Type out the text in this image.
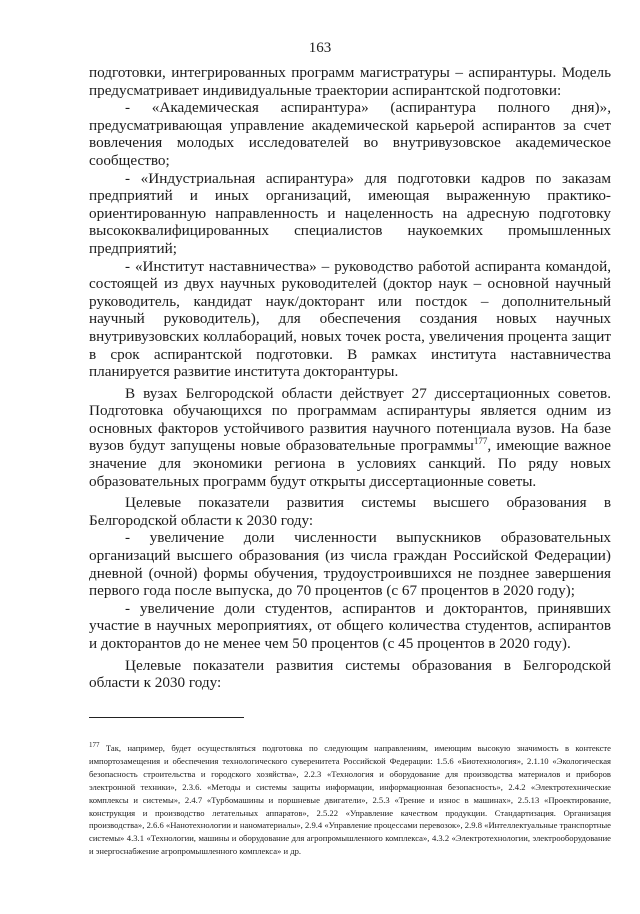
163

подготовки, интегрированных программ магистратуры – аспирантуры. Модель предусматривает индивидуальные траектории аспирантской подготовки:

- «Академическая аспирантура» (аспирантура полного дня)», предусматривающая управление академической карьерой аспирантов за счет вовлечения молодых исследователей во внутривузовское академическое сообщество;

- «Индустриальная аспирантура» для подготовки кадров по заказам предприятий и иных организаций, имеющая выраженную практико-ориентированную направленность и нацеленность на адресную подготовку высококвалифицированных специалистов наукоемких промышленных предприятий;

- «Институт наставничества» – руководство работой аспиранта командой, состоящей из двух научных руководителей (доктор наук – основной научный руководитель, кандидат наук/докторант или постдок – дополнительный научный руководитель), для обеспечения создания новых научных внутривузовских коллабораций, новых точек роста, увеличения процента защит в срок аспирантской подготовки. В рамках института наставничества планируется развитие института докторантуры.

В вузах Белгородской области действует 27 диссертационных советов. Подготовка обучающихся по программам аспирантуры является одним из основных факторов устойчивого развития научного потенциала вузов. На базе вузов будут запущены новые образовательные программы$^{177}$, имеющие важное значение для экономики региона в условиях санкций. По ряду новых образовательных программ будут открыты диссертационные советы.

Целевые показатели развития системы высшего образования в Белгородской области к 2030 году:

- увеличение доли численности выпускников образовательных организаций высшего образования (из числа граждан Российской Федерации) дневной (очной) формы обучения, трудоустроившихся не позднее завершения первого года после выпуска, до 70 процентов (с 67 процентов в 2020 году);

- увеличение доли студентов, аспирантов и докторантов, принявших участие в научных мероприятиях, от общего количества студентов, аспирантов и докторантов до не менее чем 50 процентов (с 45 процентов в 2020 году).

Целевые показатели развития системы образования в Белгородской области к 2030 году:

$^{177}$ Так, например, будет осуществляться подготовка по следующим направлениям, имеющим высокую значимость в контексте импортозамещения и обеспечения технологического суверенитета Российской Федерации: 1.5.6 «Биотехнология», 2.1.10 «Экологическая безопасность строительства и городского хозяйства», 2.2.3 «Технология и оборудование для производства материалов и приборов электронной техники», 2.3.6. «Методы и системы защиты информации, информационная безопасность», 2.4.2 «Электротехнические комплексы и системы», 2.4.7 «Турбомашины и поршневые двигатели», 2.5.3 «Трение и износ в машинах», 2.5.13 «Проектирование, конструкция и производство летательных аппаратов», 2.5.22 «Управление качеством продукции. Стандартизация. Организация производства», 2.6.6 «Нанотехнологии и наноматериалы», 2.9.4 «Управление процессами перевозок», 2.9.8 «Интеллектуальные транспортные системы» 4.3.1 «Технологии, машины и оборудование для агропромышленного комплекса», 4.3.2 «Электротехнологии, электрооборудование и энергоснабжение агропромышленного комплекса» и др.
